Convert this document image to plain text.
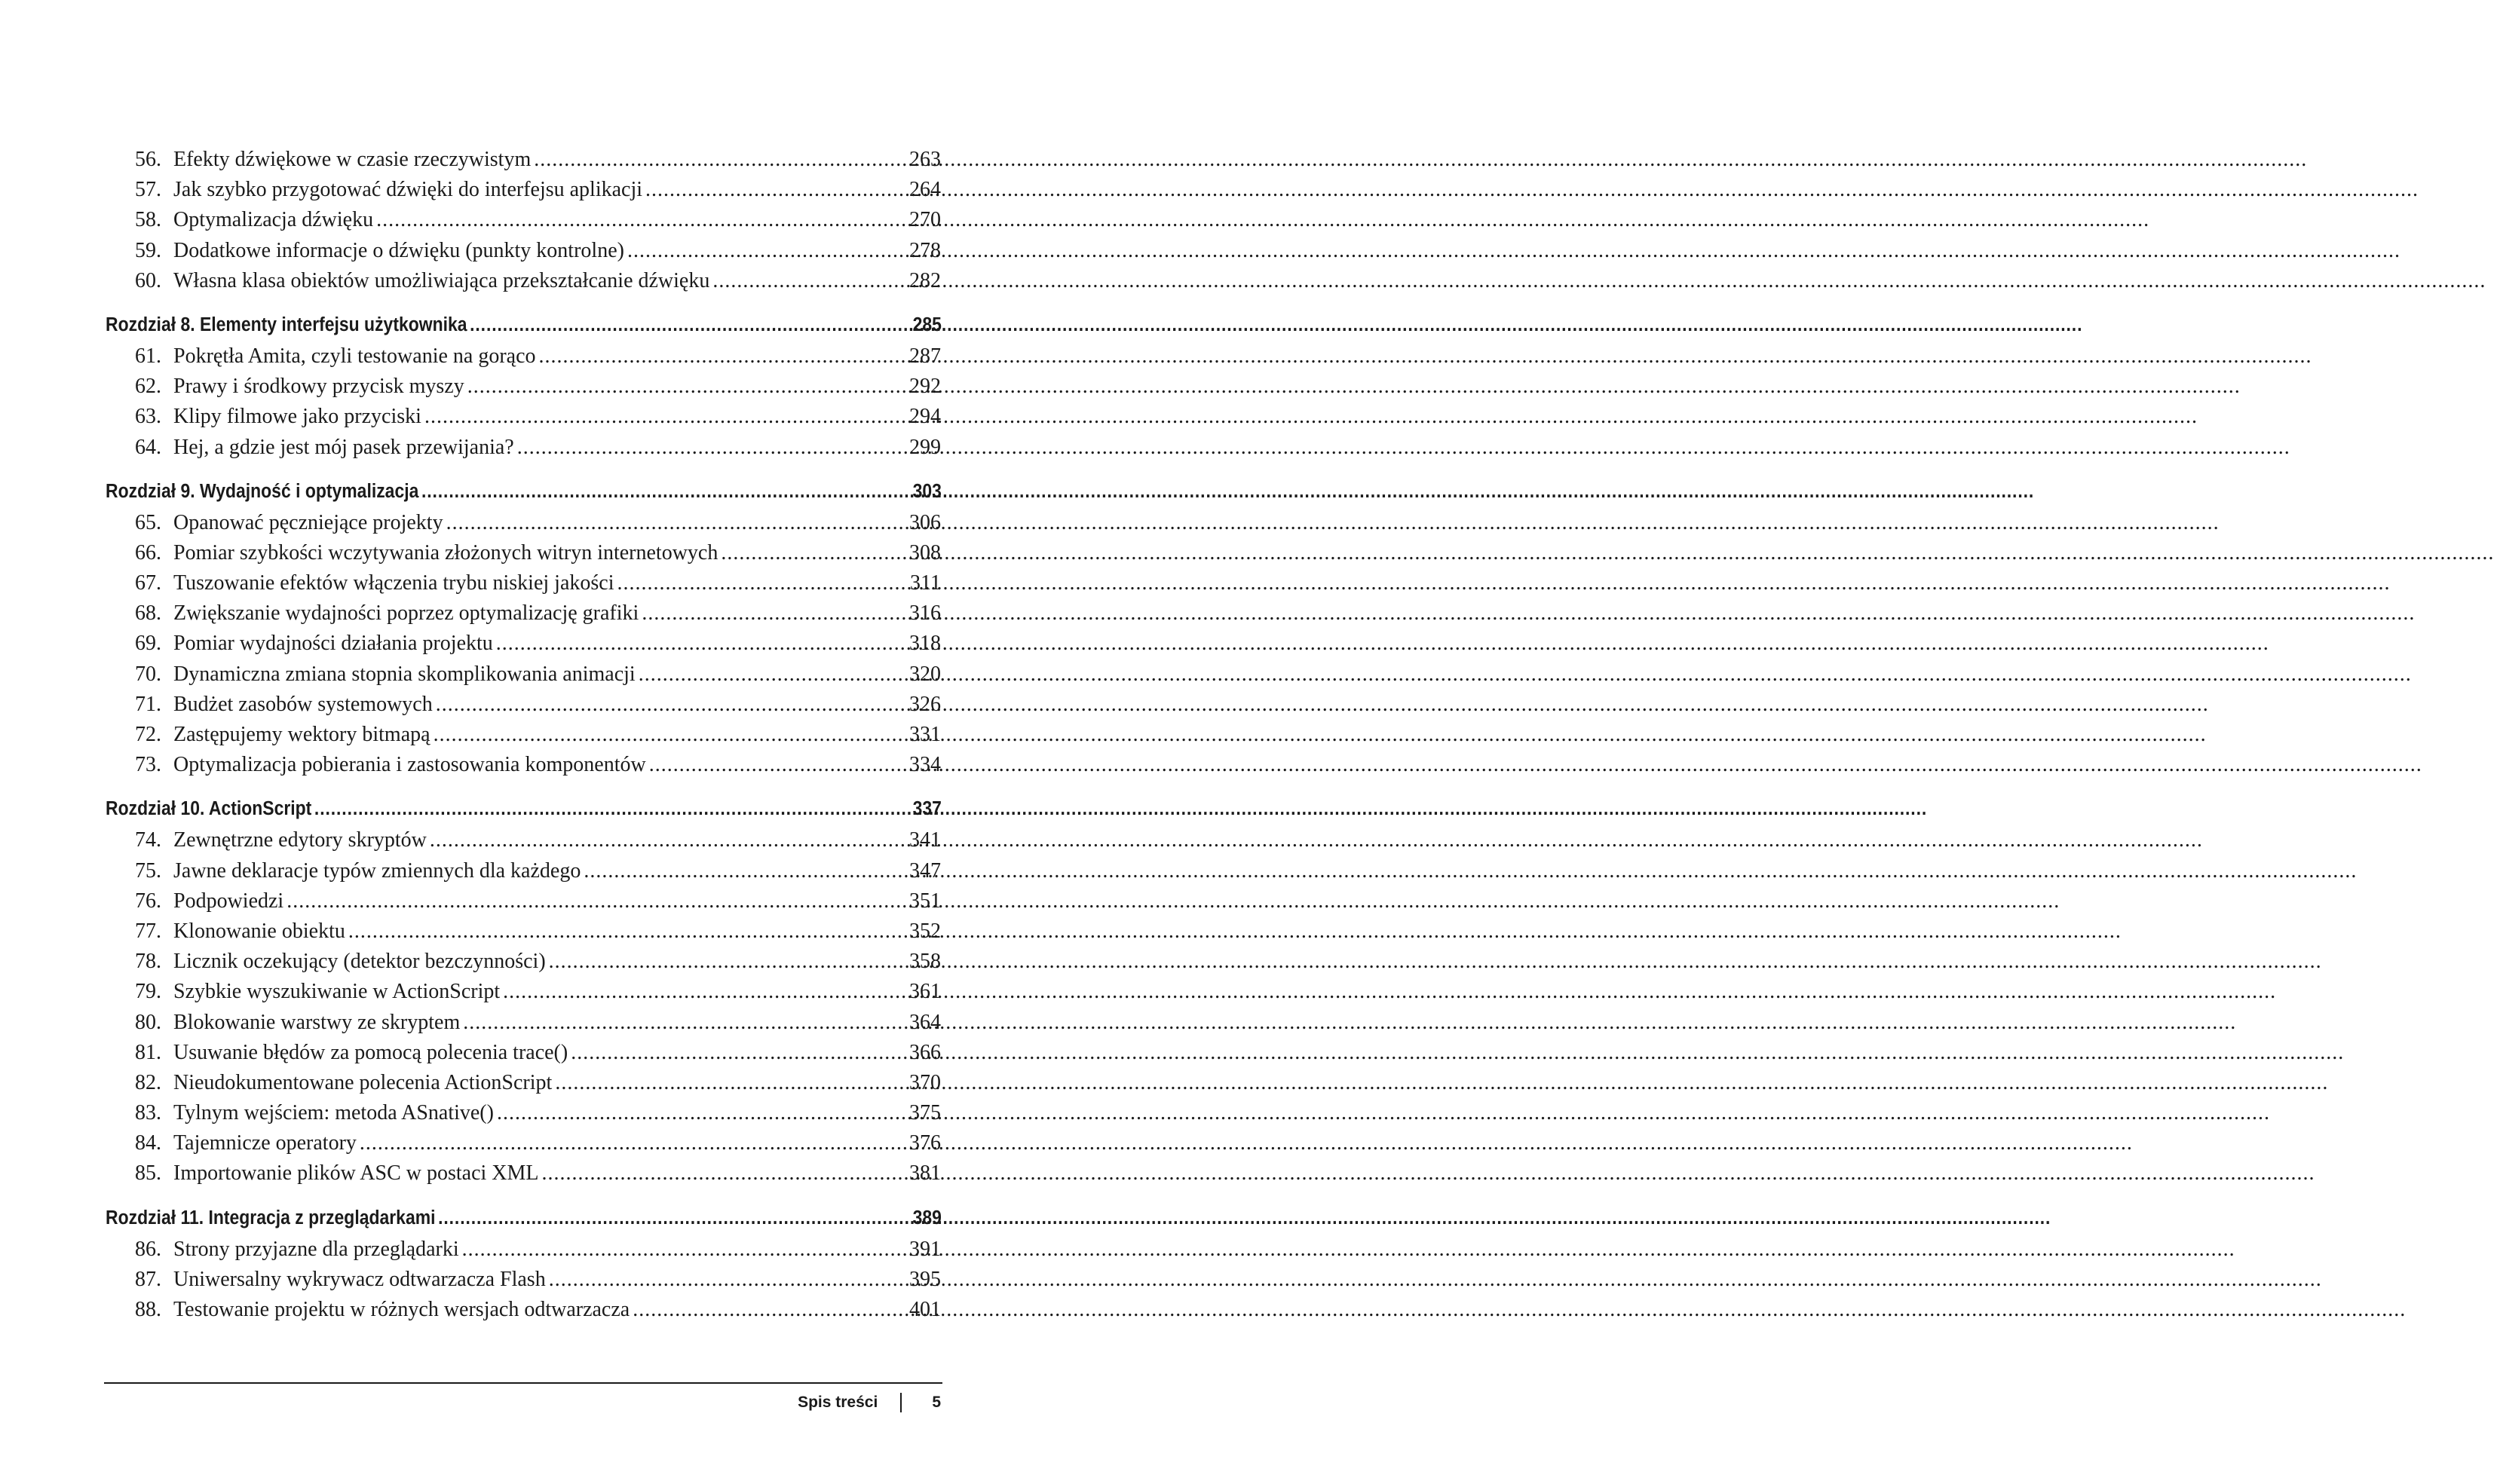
56. Efekty dźwiękowe w czasie rzeczywistym .....	263
57. Jak szybko przygotować dźwięki do interfejsu aplikacji .....	264
58. Optymalizacja dźwięku .....	270
59. Dodatkowe informacje o dźwięku (punkty kontrolne) .....	278
60. Własna klasa obiektów umożliwiająca przekształcanie dźwięku .....	282
Rozdział 8. Elementy interfejsu użytkownika .....	285
61. Pokrętła Amita, czyli testowanie na gorąco .....	287
62. Prawy i środkowy przycisk myszy .....	292
63. Klipy filmowe jako przyciski .....	294
64. Hej, a gdzie jest mój pasek przewijania? .....	299
Rozdział 9. Wydajność i optymalizacja .....	303
65. Opanować pęczniejące projekty .....	306
66. Pomiar szybkości wczytywania złożonych witryn internetowych .....	308
67. Tuszowanie efektów włączenia trybu niskiej jakości .....	311
68. Zwiększanie wydajności poprzez optymalizację grafiki .....	316
69. Pomiar wydajności działania projektu .....	318
70. Dynamiczna zmiana stopnia skomplikowania animacji .....	320
71. Budżet zasobów systemowych .....	326
72. Zastępujemy wektory bitmapą .....	331
73. Optymalizacja pobierania i zastosowania komponentów .....	334
Rozdział 10. ActionScript .....	337
74. Zewnętrzne edytory skryptów .....	341
75. Jawne deklaracje typów zmiennych dla każdego .....	347
76. Podpowiedzi .....	351
77. Klonowanie obiektu .....	352
78. Licznik oczekujący (detektor bezczynności) .....	358
79. Szybkie wyszukiwanie w ActionScript .....	361
80. Blokowanie warstwy ze skryptem .....	364
81. Usuwanie błędów za pomocą polecenia trace() .....	366
82. Nieudokumentowane polecenia ActionScript .....	370
83. Tylnym wejściem: metoda ASnative() .....	375
84. Tajemnicze operatory .....	376
85. Importowanie plików ASC w postaci XML .....	381
Rozdział 11. Integracja z przeglądarkami .....	389
86. Strony przyjazne dla przeglądarki .....	391
87. Uniwersalny wykrywacz odtwarzacza Flash .....	395
88. Testowanie projektu w różnych wersjach odtwarzacza .....	401
Spis treści	5
